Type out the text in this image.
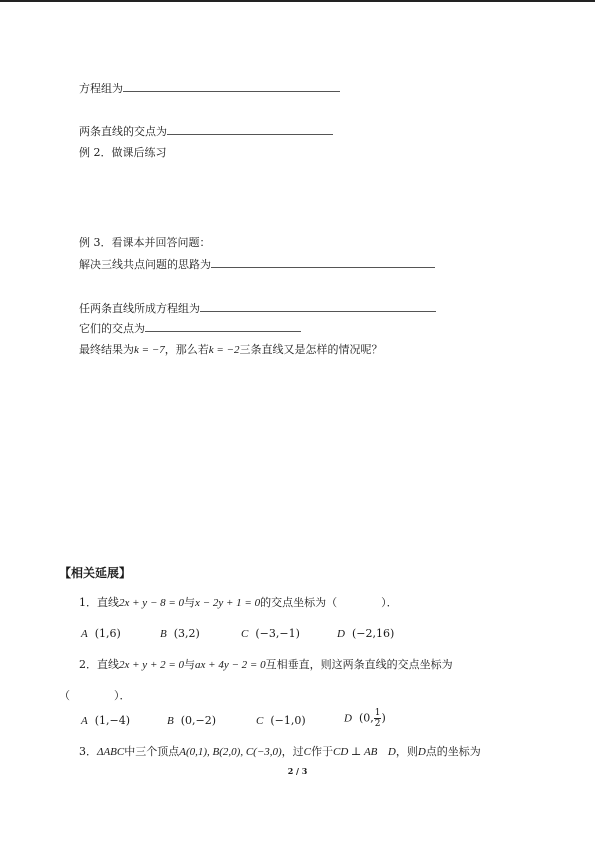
方程组为
两条直线的交点为
例 2．做课后练习
例 3．看课本并回答问题：
解决三线共点问题的思路为
任两条直线所成方程组为
它们的交点为
最终结果为k = −7，那么若k = −2三条直线又是怎样的情况呢？
【相关延展】
1．直线2x + y − 8 = 0与x − 2y + 1 = 0的交点坐标为（　　　　）．
A (1,6)	B (3,2)	C (−3,−1)	D (−2,16)
2．直线2x + y + 2 = 0与ax + 4y − 2 = 0互相垂直，则这两条直线的交点坐标为
（　　　　）．
A (1,−4)	B (0,−2)	C (−1,0)	D (0, $\frac{1}{2}$ )
3．ΔABC中三个顶点A(0,1), B(2,0), C(−3,0)，过C作于CD ⊥ AB D，则D点的坐标为
2 / 3
